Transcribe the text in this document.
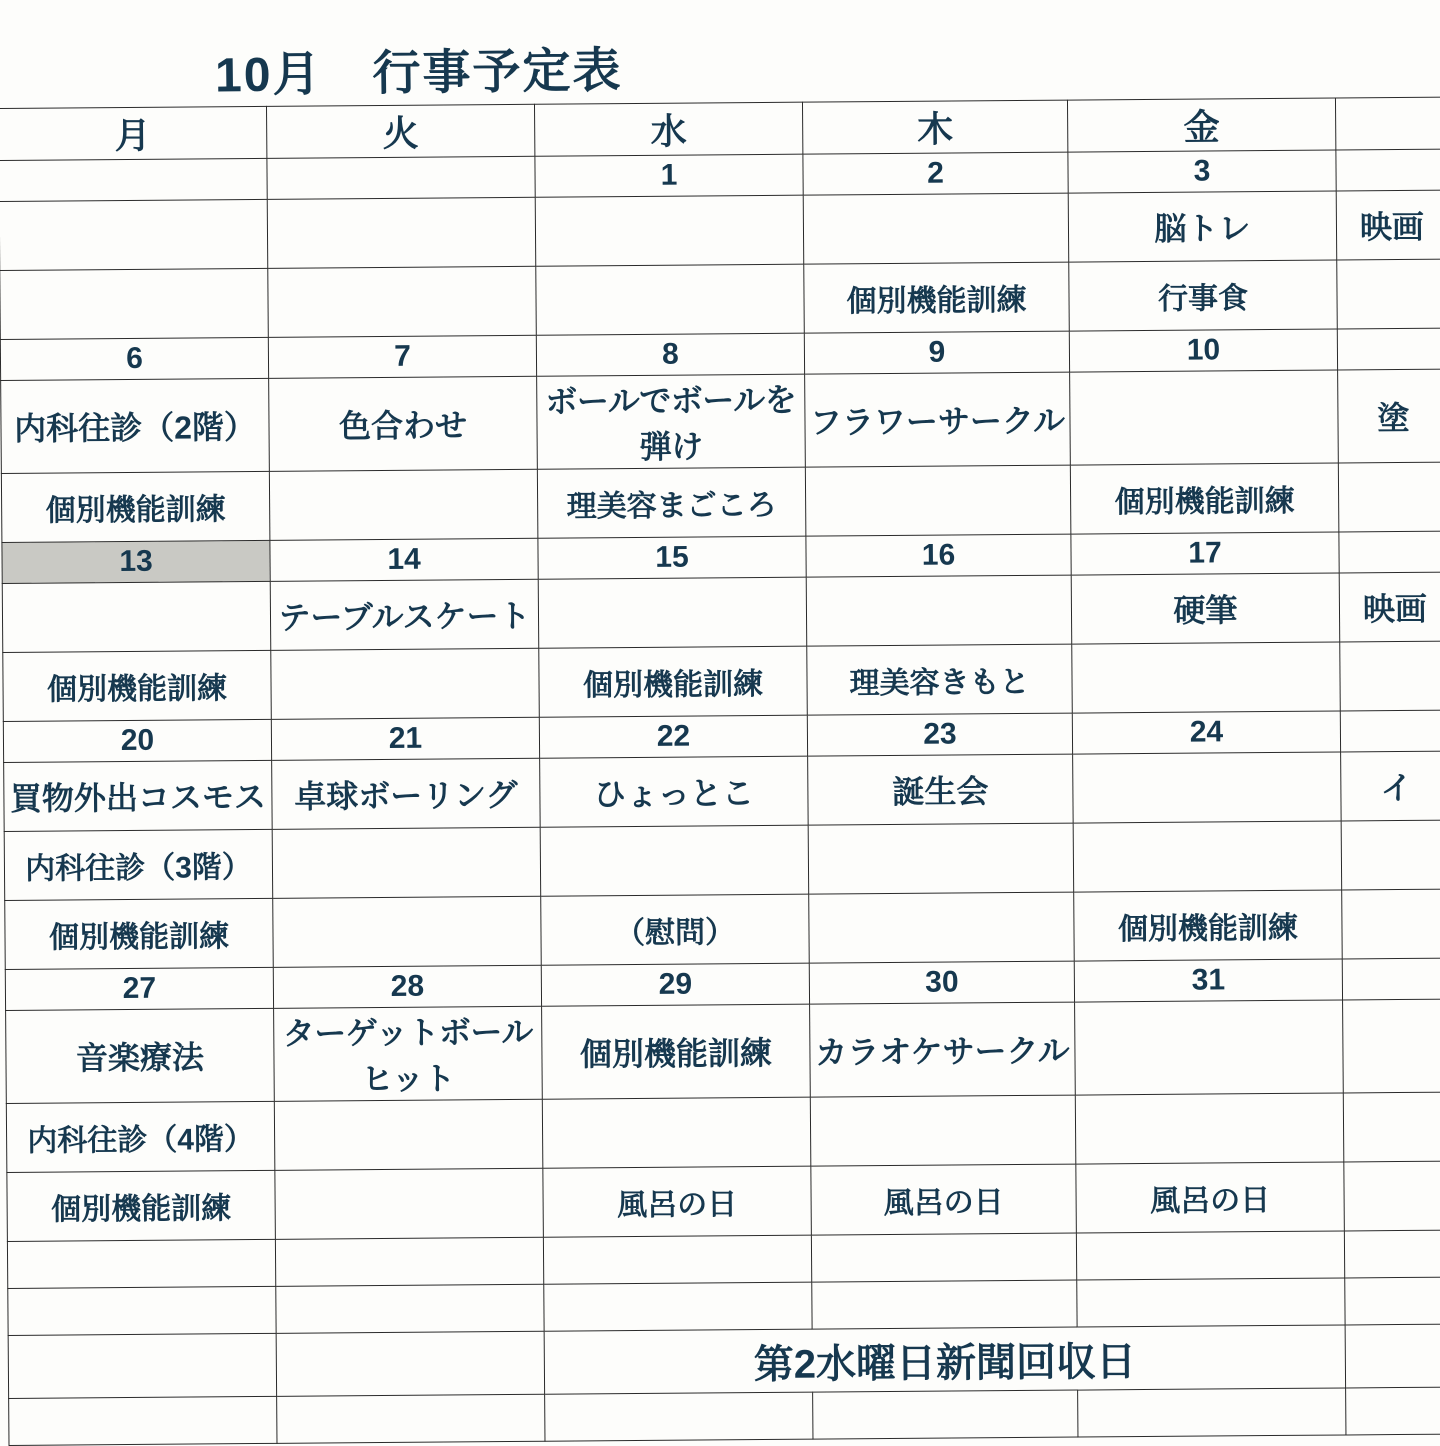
10月　行事予定表
月	火	水	木	金	
		1	2	3	
				脳トレ	映画
			個別機能訓練	行事食	
6	7	8	9	10	
内科往診（2階）	色合わせ	ボールでボールを弾け	フラワーサークル		塗
個別機能訓練		理美容まごころ		個別機能訓練	
13	14	15	16	17	
	テーブルスケート			硬筆	映画
個別機能訓練		個別機能訓練	理美容きもと		
20	21	22	23	24	
買物外出コスモス	卓球ボーリング	ひょっとこ	誕生会		イ
内科往診（3階）					
個別機能訓練		（慰問）		個別機能訓練	
27	28	29	30	31	
音楽療法	ターゲットボールヒット	個別機能訓練	カラオケサークル		
内科往診（4階）					
個別機能訓練		風呂の日	風呂の日	風呂の日	

		第2水曜日新聞回収日			
